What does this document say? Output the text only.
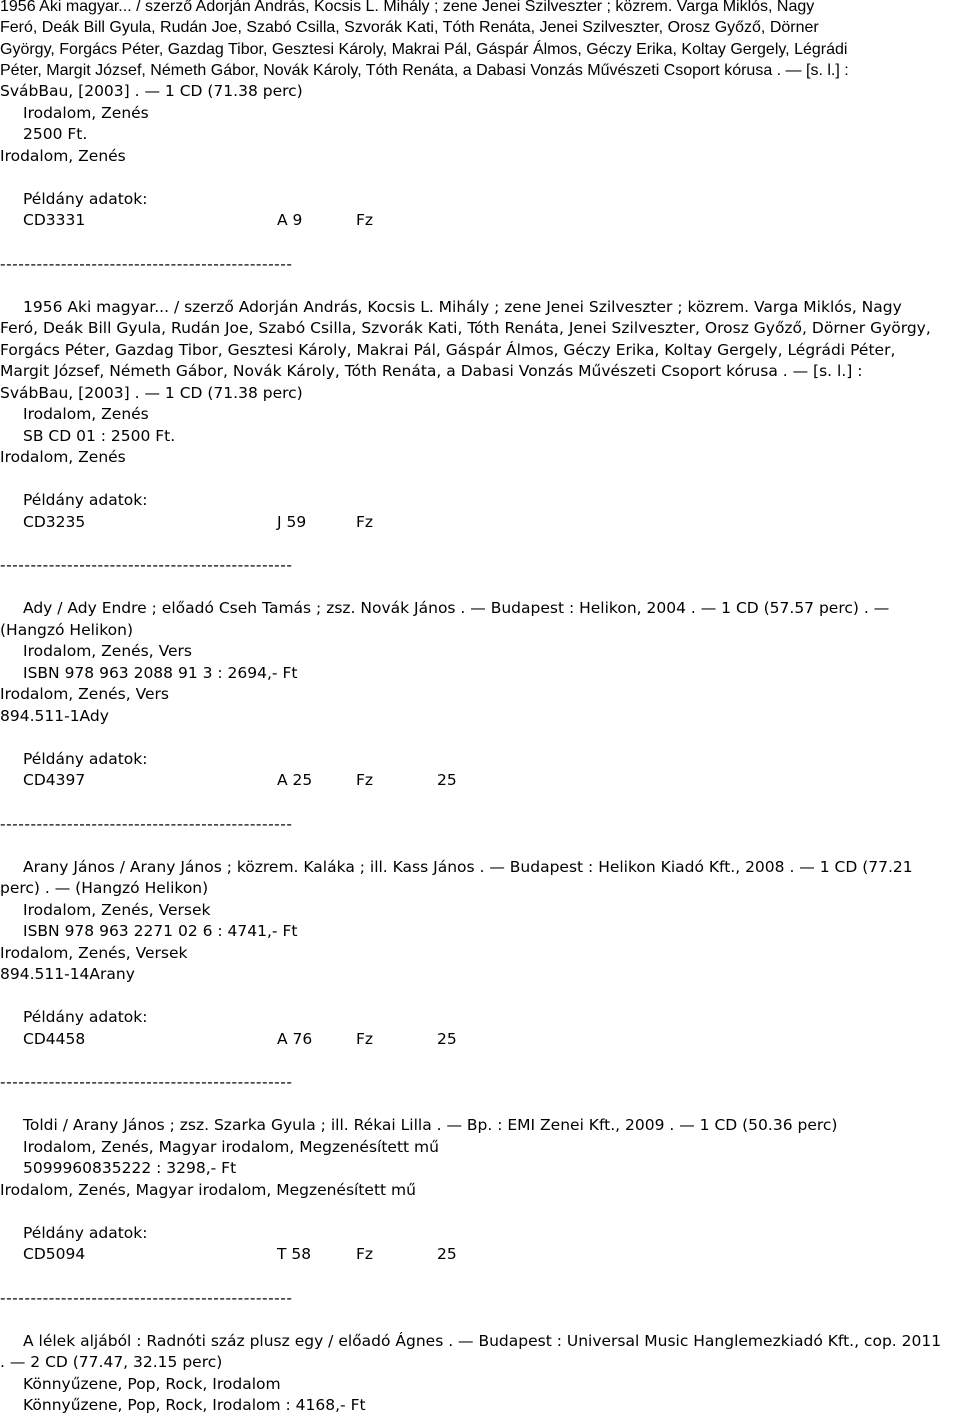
1956 Aki magyar... / szerző Adorján András, Kocsis L. Mihály ; zene Jenei Szilveszter ; közrem. Varga Miklós, Nagy
Feró, Deák Bill Gyula, Rudán Joe, Szabó Csilla, Szvorák Kati, Tóth Renáta, Jenei Szilveszter, Orosz Győző, Dörner
György, Forgács Péter, Gazdag Tibor, Gesztesi Károly, Makrai Pál, Gáspár Álmos, Géczy Erika, Koltay Gergely, Légrádi
Péter, Margit József, Németh Gábor, Novák Károly, Tóth Renáta, a Dabasi Vonzás Művészeti Csoport kórusa . — [s. l.] :
SvábBau, [2003] . — 1 CD (71.38 perc)
Irodalom, Zenés
2500 Ft.
Irodalom, Zenés
Példány adatok:
CD3331	A 9	Fz
------------------------------------------------
1956 Aki magyar... / szerző Adorján András, Kocsis L. Mihály ; zene Jenei Szilveszter ; közrem. Varga Miklós, Nagy
Feró, Deák Bill Gyula, Rudán Joe, Szabó Csilla, Szvorák Kati, Tóth Renáta, Jenei Szilveszter, Orosz Győző, Dörner György,
Forgács Péter, Gazdag Tibor, Gesztesi Károly, Makrai Pál, Gáspár Álmos, Géczy Erika, Koltay Gergely, Légrádi Péter,
Margit József, Németh Gábor, Novák Károly, Tóth Renáta, a Dabasi Vonzás Művészeti Csoport kórusa . — [s. l.] :
SvábBau, [2003] . — 1 CD (71.38 perc)
Irodalom, Zenés
SB CD 01 : 2500 Ft.
Irodalom, Zenés
Példány adatok:
CD3235	J 59	Fz
------------------------------------------------
Ady / Ady Endre ; előadó Cseh Tamás ; zsz. Novák János . — Budapest : Helikon, 2004 . — 1 CD (57.57 perc) . —
(Hangzó Helikon)
Irodalom, Zenés, Vers
ISBN 978 963 2088 91 3 : 2694,- Ft
Irodalom, Zenés, Vers
894.511-1Ady
Példány adatok:
CD4397	A 25	Fz	25
------------------------------------------------
Arany János / Arany János ; közrem. Kaláka ; ill. Kass János . — Budapest : Helikon Kiadó Kft., 2008 . — 1 CD (77.21
perc) . — (Hangzó Helikon)
Irodalom, Zenés, Versek
ISBN 978 963 2271 02 6 : 4741,- Ft
Irodalom, Zenés, Versek
894.511-14Arany
Példány adatok:
CD4458	A 76	Fz	25
------------------------------------------------
Toldi / Arany János ; zsz. Szarka Gyula ; ill. Rékai Lilla . — Bp. : EMI Zenei Kft., 2009 . — 1 CD (50.36 perc)
Irodalom, Zenés, Magyar irodalom, Megzenésített mű
5099960835222 : 3298,- Ft
Irodalom, Zenés, Magyar irodalom, Megzenésített mű
Példány adatok:
CD5094	T 58	Fz	25
------------------------------------------------
A lélek aljából : Radnóti száz plusz egy / előadó Ágnes . — Budapest : Universal Music Hanglemezkiadó Kft., cop. 2011
. — 2 CD (77.47, 32.15 perc)
Könnyűzene, Pop, Rock, Irodalom
Könnyűzene, Pop, Rock, Irodalom : 4168,- Ft
